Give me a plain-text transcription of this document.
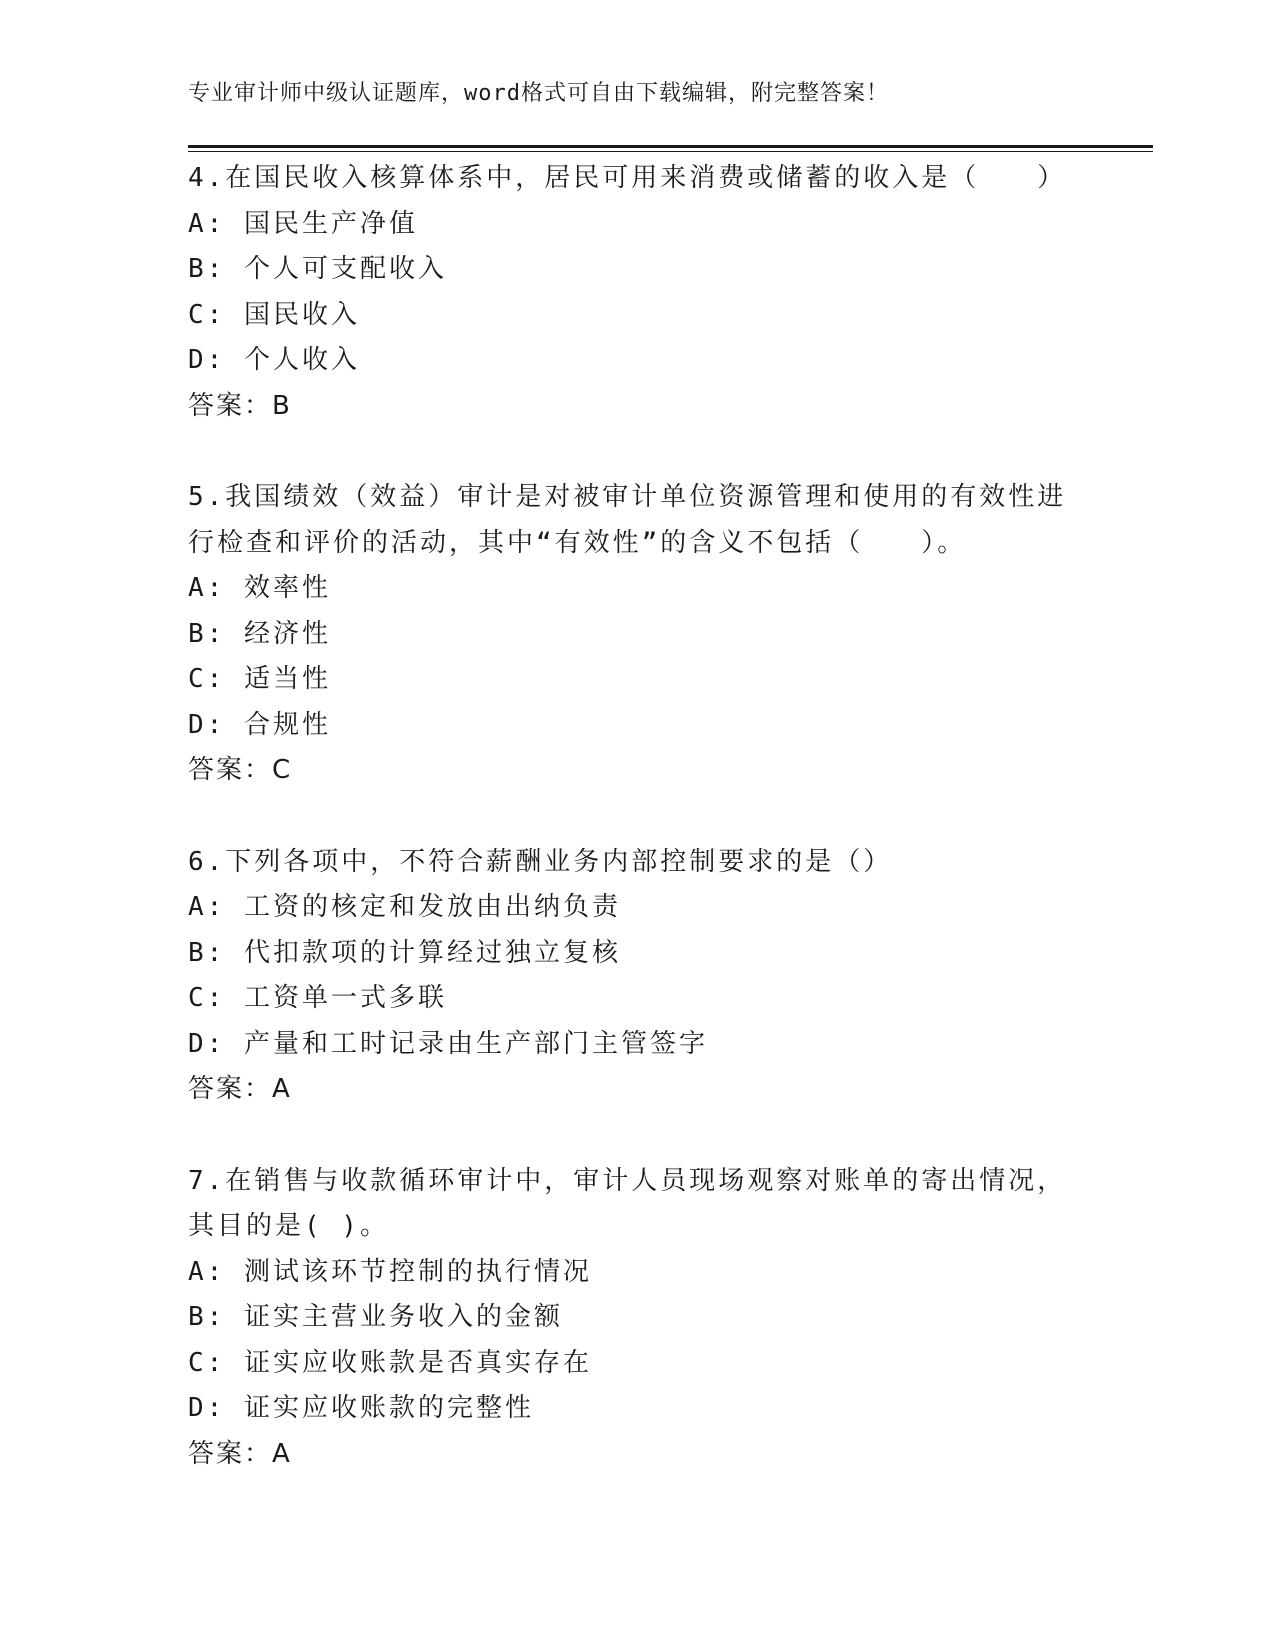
专业审计师中级认证题库，word格式可自由下载编辑，附完整答案！
4.在国民收入核算体系中，居民可用来消费或储蓄的收入是（　　）
A: 国民生产净值
B: 个人可支配收入
C: 国民收入
D: 个人收入
答案：B
5.我国绩效（效益）审计是对被审计单位资源管理和使用的有效性进
行检查和评价的活动，其中“有效性”的含义不包括（　　）。
A: 效率性
B: 经济性
C: 适当性
D: 合规性
答案：C
6.下列各项中，不符合薪酬业务内部控制要求的是（）
A: 工资的核定和发放由出纳负责
B: 代扣款项的计算经过独立复核
C: 工资单一式多联
D: 产量和工时记录由生产部门主管签字
答案：A
7.在销售与收款循环审计中，审计人员现场观察对账单的寄出情况，
其目的是( )。
A: 测试该环节控制的执行情况
B: 证实主营业务收入的金额
C: 证实应收账款是否真实存在
D: 证实应收账款的完整性
答案：A
